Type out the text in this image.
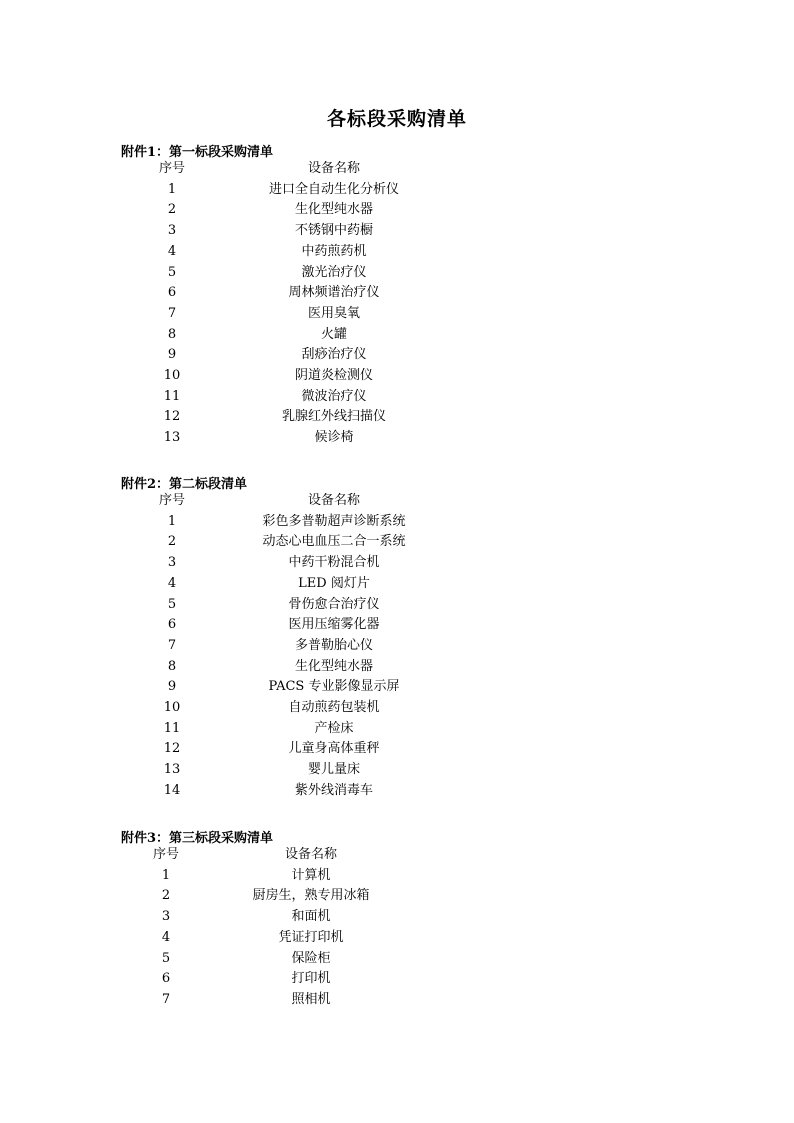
各标段采购清单
附件1：第一标段采购清单
序号	设备名称
1	进口全自动生化分析仪
2	生化型纯水器
3	不锈钢中药橱
4	中药煎药机
5	激光治疗仪
6	周林频谱治疗仪
7	医用臭氧
8	火罐
9	刮痧治疗仪
10	阴道炎检测仪
11	微波治疗仪
12	乳腺红外线扫描仪
13	候诊椅
附件2：第二标段清单
序号	设备名称
1	彩色多普勒超声诊断系统
2	动态心电血压二合一系统
3	中药干粉混合机
4	LED 阅灯片
5	骨伤愈合治疗仪
6	医用压缩雾化器
7	多普勒胎心仪
8	生化型纯水器
9	PACS 专业影像显示屏
10	自动煎药包装机
11	产检床
12	儿童身高体重秤
13	婴儿量床
14	紫外线消毒车
附件3：第三标段采购清单
序号	设备名称
1	计算机
2	厨房生，熟专用冰箱
3	和面机
4	凭证打印机
5	保险柜
6	打印机
7	照相机
